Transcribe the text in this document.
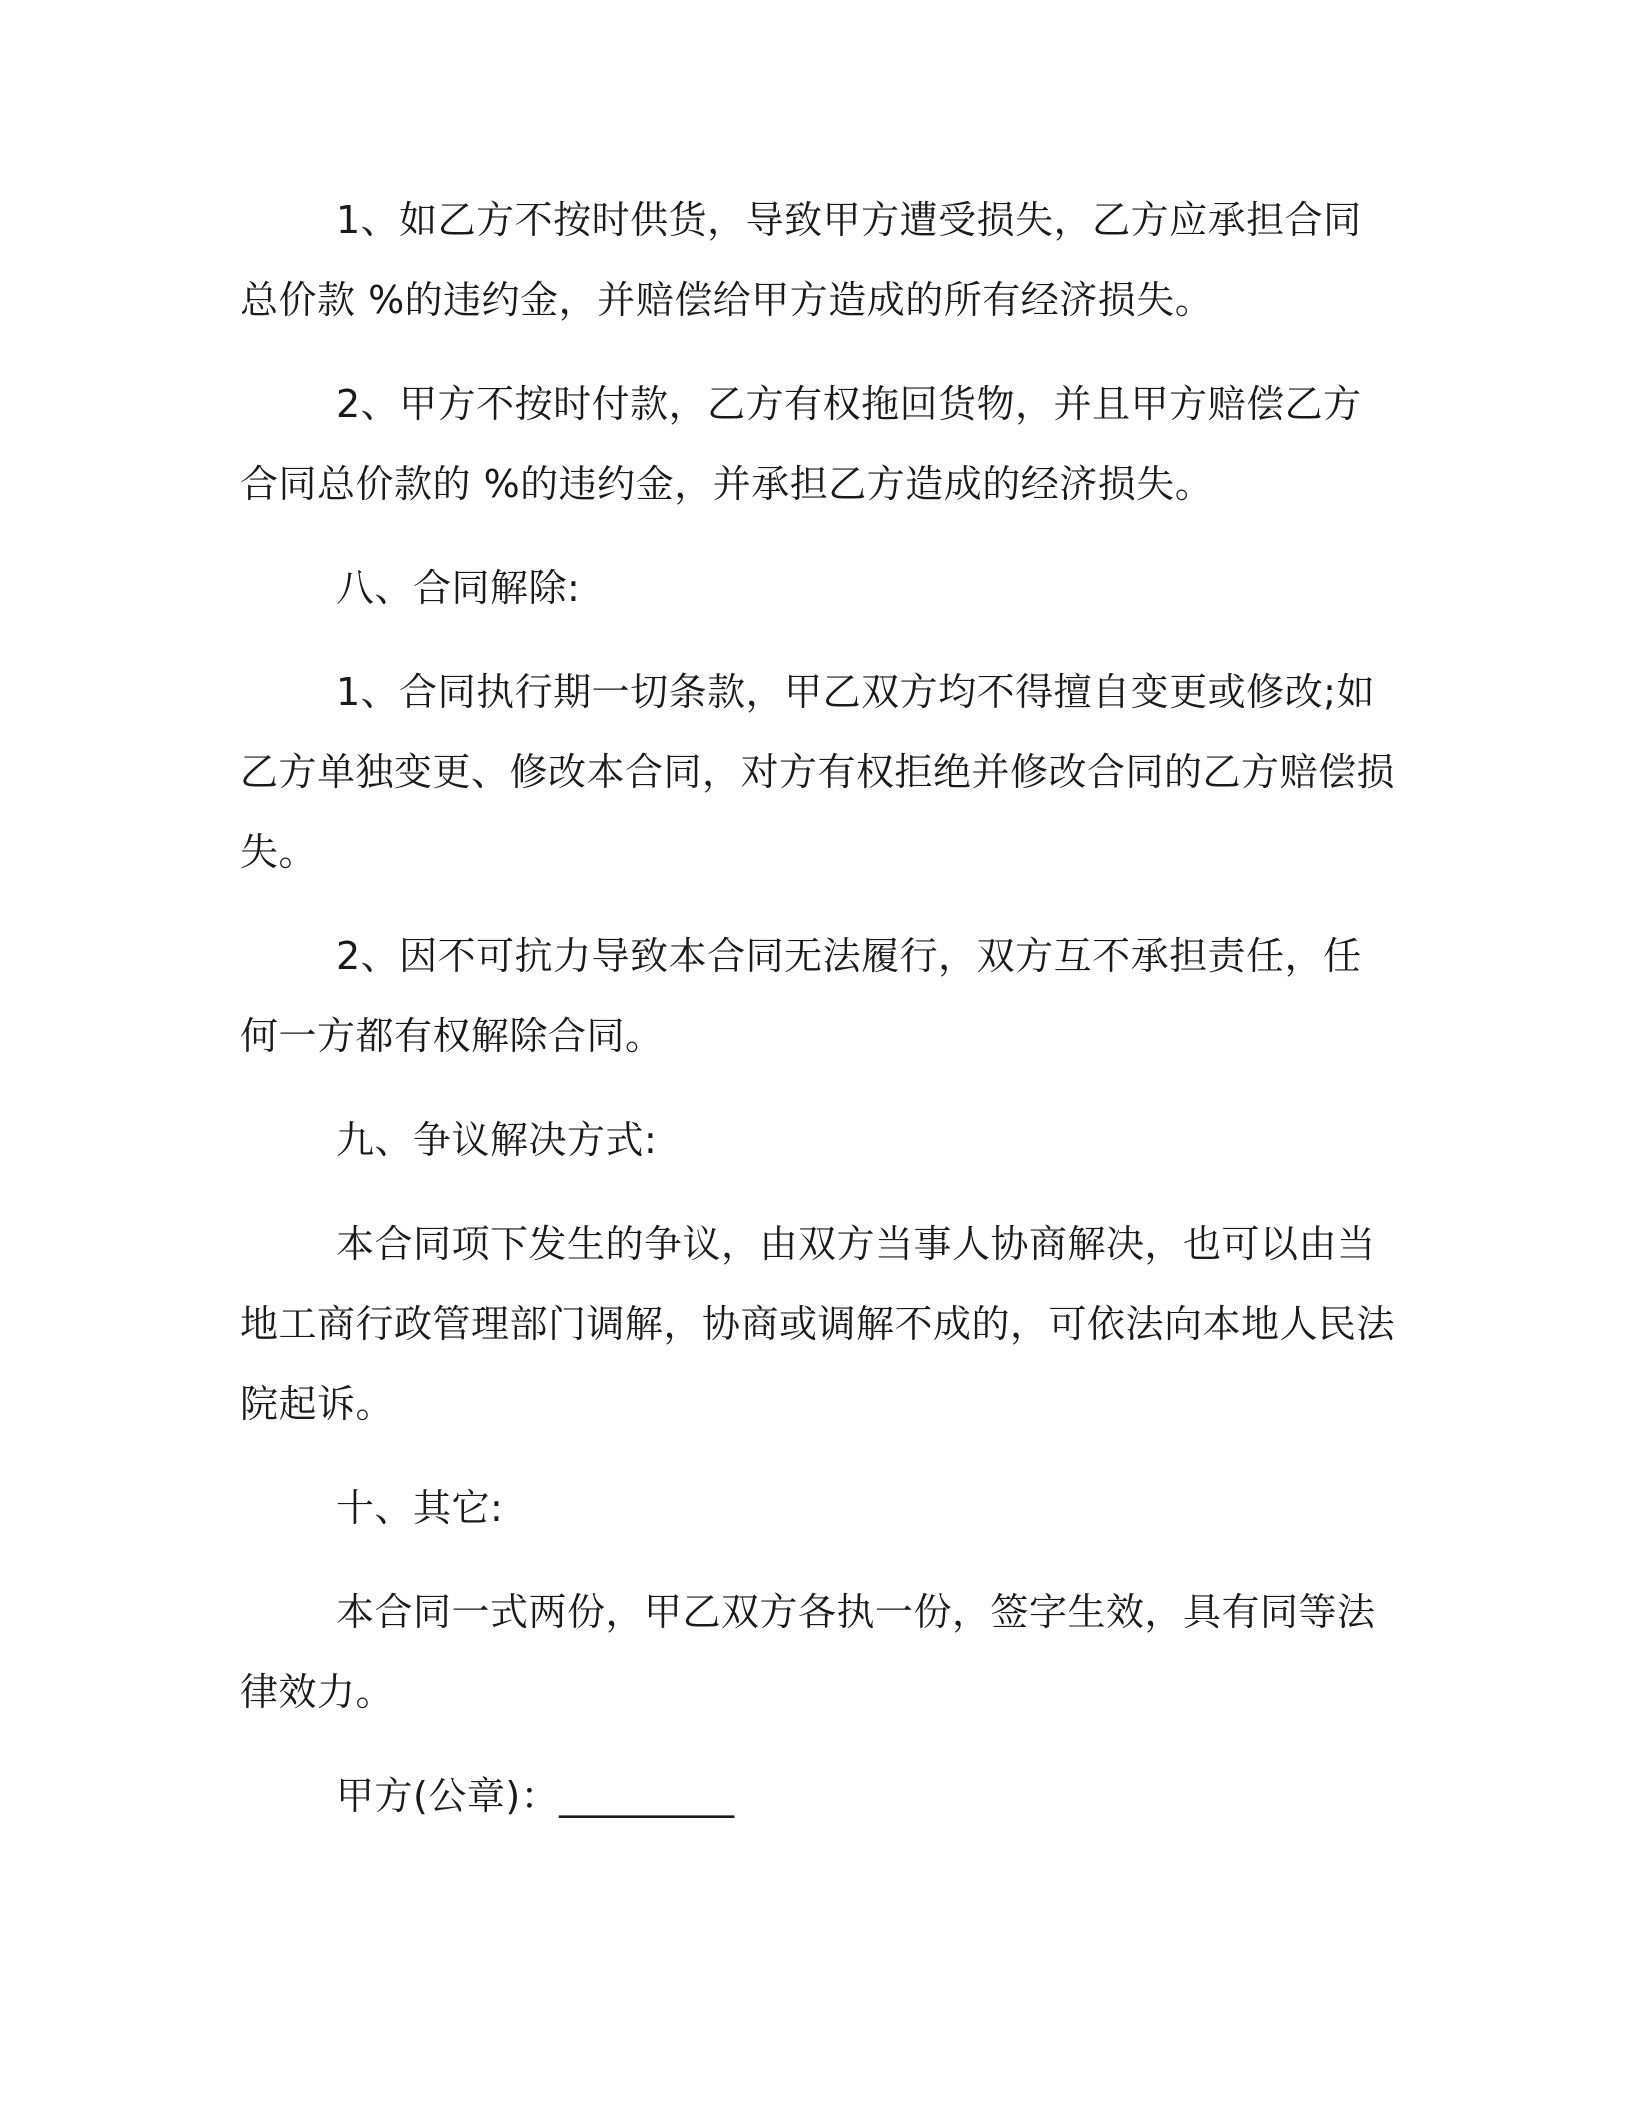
1、如乙方不按时供货，导致甲方遭受损失，乙方应承担合同总价款 %的违约金，并赔偿给甲方造成的所有经济损失。

2、甲方不按时付款，乙方有权拖回货物，并且甲方赔偿乙方合同总价款的 %的违约金，并承担乙方造成的经济损失。

八、合同解除:

1、合同执行期一切条款，甲乙双方均不得擅自变更或修改;如乙方单独变更、修改本合同，对方有权拒绝并修改合同的乙方赔偿损失。

2、因不可抗力导致本合同无法履行，双方互不承担责任，任何一方都有权解除合同。

九、争议解决方式:

本合同项下发生的争议，由双方当事人协商解决，也可以由当地工商行政管理部门调解，协商或调解不成的，可依法向本地人民法院起诉。

十、其它:

本合同一式两份，甲乙双方各执一份，签字生效，具有同等法律效力。

甲方(公章)：_________
